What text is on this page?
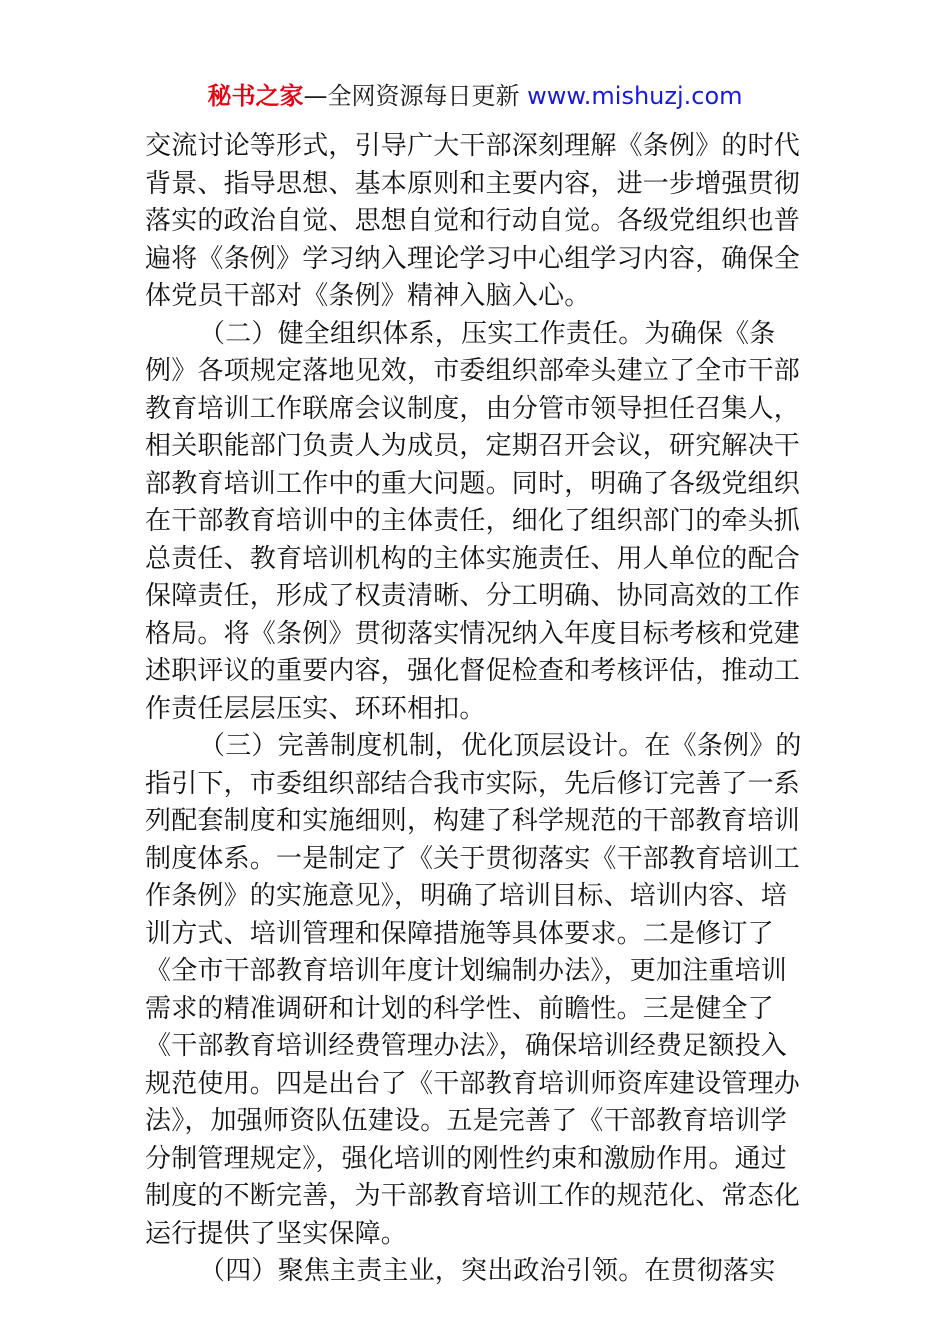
秘书之家—全网资源每日更新 www.mishuzj.com
交流讨论等形式，引导广大干部深刻理解《条例》的时代
背景、指导思想、基本原则和主要内容，进一步增强贯彻
落实的政治自觉、思想自觉和行动自觉。各级党组织也普
遍将《条例》学习纳入理论学习中心组学习内容，确保全
体党员干部对《条例》精神入脑入心。
（二）健全组织体系，压实工作责任。为确保《条
例》各项规定落地见效，市委组织部牵头建立了全市干部
教育培训工作联席会议制度，由分管市领导担任召集人，
相关职能部门负责人为成员，定期召开会议，研究解决干
部教育培训工作中的重大问题。同时，明确了各级党组织
在干部教育培训中的主体责任，细化了组织部门的牵头抓
总责任、教育培训机构的主体实施责任、用人单位的配合
保障责任，形成了权责清晰、分工明确、协同高效的工作
格局。将《条例》贯彻落实情况纳入年度目标考核和党建
述职评议的重要内容，强化督促检查和考核评估，推动工
作责任层层压实、环环相扣。
（三）完善制度机制，优化顶层设计。在《条例》的
指引下，市委组织部结合我市实际，先后修订完善了一系
列配套制度和实施细则，构建了科学规范的干部教育培训
制度体系。一是制定了《关于贯彻落实《干部教育培训工
作条例》的实施意见》，明确了培训目标、培训内容、培
训方式、培训管理和保障措施等具体要求。二是修订了
《全市干部教育培训年度计划编制办法》，更加注重培训
需求的精准调研和计划的科学性、前瞻性。三是健全了
《干部教育培训经费管理办法》，确保培训经费足额投入
规范使用。四是出台了《干部教育培训师资库建设管理办
法》，加强师资队伍建设。五是完善了《干部教育培训学
分制管理规定》，强化培训的刚性约束和激励作用。通过
制度的不断完善，为干部教育培训工作的规范化、常态化
运行提供了坚实保障。
（四）聚焦主责主业，突出政治引领。在贯彻落实
